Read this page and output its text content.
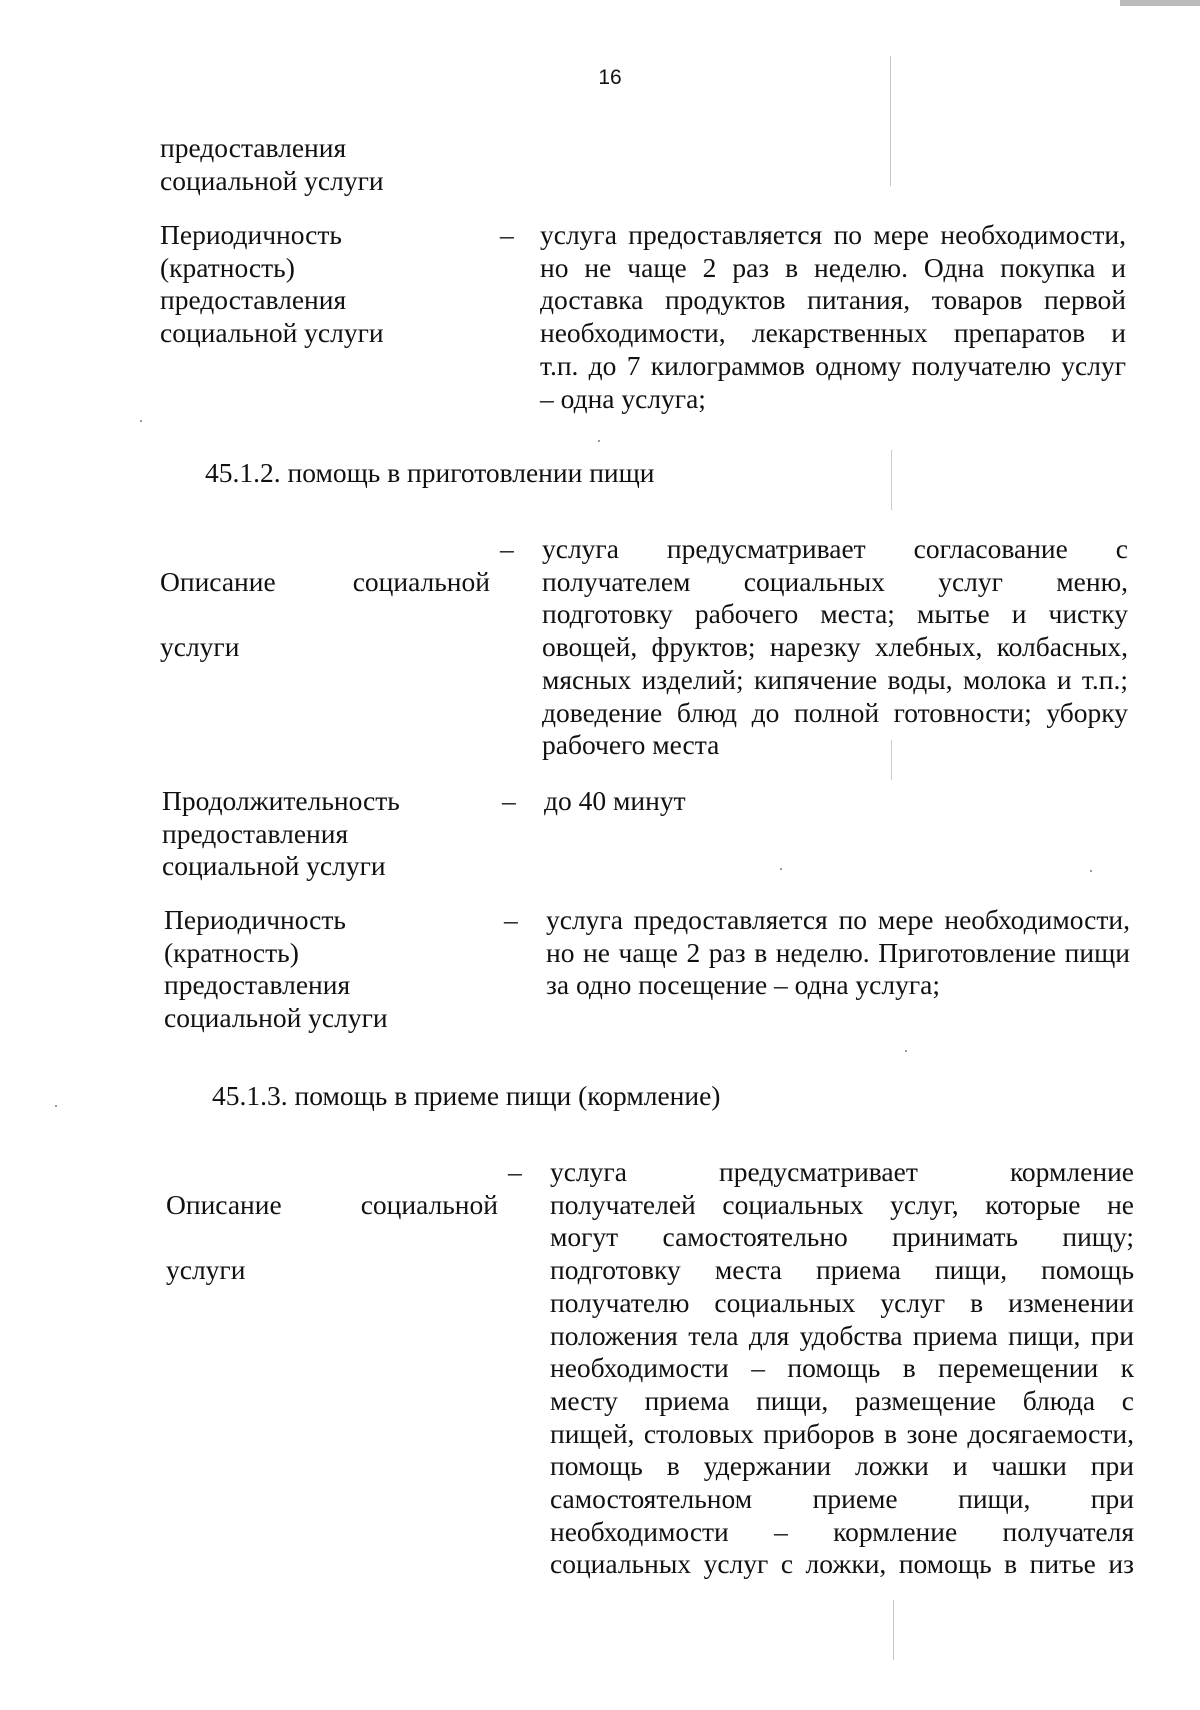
16
предоставления
социальной услуги
Периодичность
(кратность)
предоставления
социальной услуги
– услуга предоставляется по мере необходимости,
но не чаще 2 раз в неделю. Одна покупка и
доставка продуктов питания, товаров первой
необходимости, лекарственных препаратов и
т.п. до 7 килограммов одному получателю услуг
– одна услуга;
45.1.2. помощь в приготовлении пищи

Описание	социальной

услуги

– услуга предусматривает согласование с
получателем социальных услуг меню,
подготовку рабочего места; мытье и чистку
овощей, фруктов; нарезку хлебных, колбасных,
мясных изделий; кипячение воды, молока и т.п.;
доведение блюд до полной готовности; уборку
рабочего места
Продолжительность
предоставления
социальной услуги
– до 40 минут
Периодичность
(кратность)
предоставления
социальной услуги
– услуга предоставляется по мере необходимости,
но не чаще 2 раз в неделю. Приготовление пищи
за одно посещение – одна услуга;
45.1.3. помощь в приеме пищи (кормление)

Описание	социальной

услуги

– услуга предусматривает кормление
получателей социальных услуг, которые не
могут самостоятельно принимать пищу;
подготовку места приема пищи, помощь
получателю социальных услуг в изменении
положения тела для удобства приема пищи, при
необходимости – помощь в перемещении к
месту приема пищи, размещение блюда с
пищей, столовых приборов в зоне досягаемости,
помощь в удержании ложки и чашки при
самостоятельном приеме пищи, при
необходимости – кормление получателя
социальных услуг с ложки, помощь в питье из
